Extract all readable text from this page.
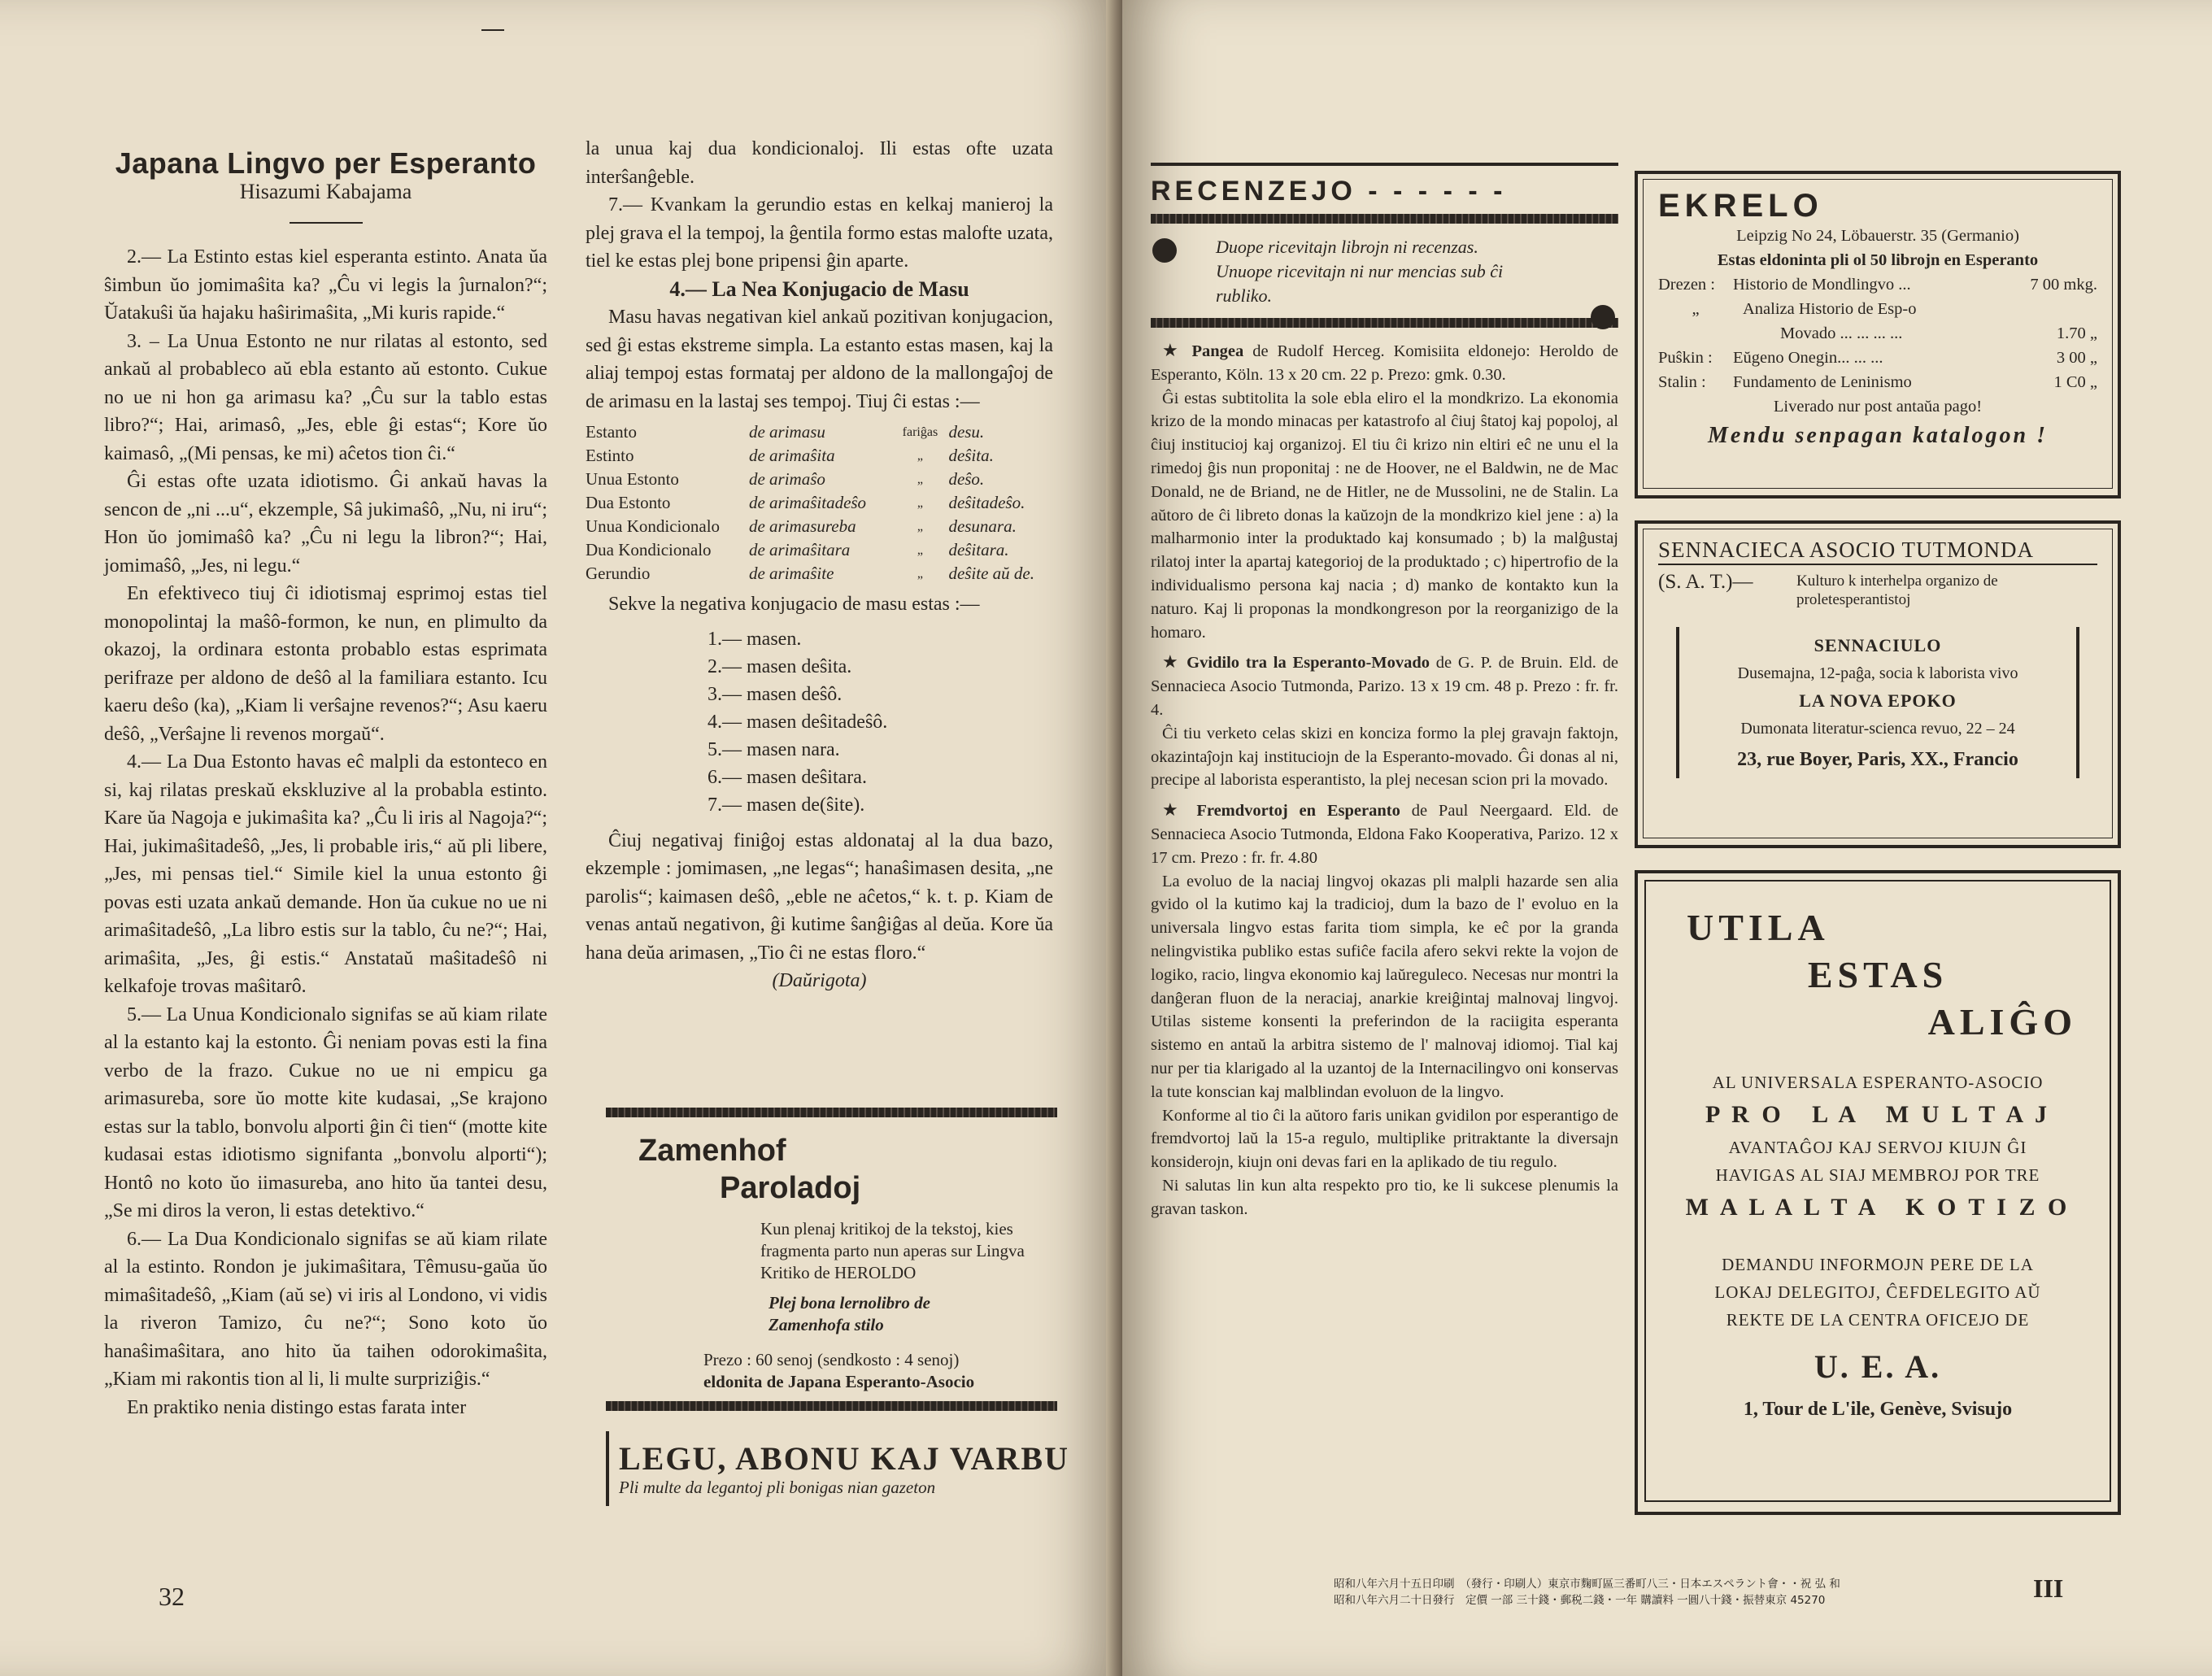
Japana Lingvo per Esperanto

Hisazumi Kabajama

2.— La Estinto estas kiel esperanta estinto. Anata ŭa ŝimbun ŭo jomimaŝita ka? „Ĉu vi legis la ĵurnalon?“; Ŭatakuŝi ŭa hajaku haŝirimaŝita, „Mi kuris rapide.“

3. – La Unua Estonto ne nur rilatas al estonto, sed ankaŭ al probableco aŭ ebla estanto aŭ estonto. Cukue no ue ni hon ga arimasu ka? „Ĉu sur la tablo estas libro?“; Hai, arimasô, „Jes, eble ĝi estas“; Kore ŭo kaimasô, „(Mi pensas, ke mi) aĉetos tion ĉi.“

Ĝi estas ofte uzata idiotismo. Ĝi ankaŭ havas la sencon de „ni ...u“, ekzemple, Sâ jukimaŝô, „Nu, ni iru“; Hon ŭo jomimaŝô ka? „Ĉu ni legu la libron?“; Hai, jomimaŝô, „Jes, ni legu.“

En efektiveco tiuj ĉi idiotismaj esprimoj estas tiel monopolintaj la maŝô-formon, ke nun, en plimulto da okazoj, la ordinara estonta probablo estas esprimata perifraze per aldono de deŝô al la familiara estanto. Icu kaeru deŝo (ka), „Kiam li verŝajne revenos?“; Asu kaeru deŝô, „Verŝajne li revenos morgaŭ“.

4.— La Dua Estonto havas eĉ malpli da estonteco en si, kaj rilatas preskaŭ ekskluzive al la probabla estinto. Kare ŭa Nagoja e jukimaŝita ka? „Ĉu li iris al Nagoja?“; Hai, jukimaŝitadeŝô, „Jes, li probable iris,“ aŭ pli libere, „Jes, mi pensas tiel.“ Simile kiel la unua estonto ĝi povas esti uzata ankaŭ demande. Hon ŭa cukue no ue ni arimaŝitadeŝô, „La libro estis sur la tablo, ĉu ne?“; Hai, arimaŝita, „Jes, ĝi estis.“ Anstataŭ maŝitadeŝô ni kelkafoje trovas maŝitarô.

5.— La Unua Kondicionalo signifas se aŭ kiam rilate al la estanto kaj la estonto. Ĝi neniam povas esti la fina verbo de la frazo. Cukue no ue ni empicu ga arimasureba, sore ŭo motte kite kudasai, „Se krajono estas sur la tablo, bonvolu alporti ĝin ĉi tien“ (motte kite kudasai estas idiotismo signifanta „bonvolu alporti“); Hontô no koto ŭo iimasureba, ano hito ŭa tantei desu, „Se mi diros la veron, li estas detektivo.“

6.— La Dua Kondicionalo signifas se aŭ kiam rilate al la estinto. Rondon je jukimaŝitara, Têmusu-gaŭa ŭo mimaŝitadeŝô, „Kiam (aŭ se) vi iris al Londono, vi vidis la riveron Tamizo, ĉu ne?“; Sono koto ŭo hanaŝimaŝitara, ano hito ŭa taihen odorokimaŝita, „Kiam mi rakontis tion al li, li multe surpriziĝis.“

En praktiko nenia distingo estas farata inter

la unua kaj dua kondicionaloj. Ili estas ofte uzata interŝanĝeble.

7.— Kvankam la gerundio estas en kelkaj manieroj la plej grava el la tempoj, la ĝentila formo estas malofte uzata, tiel ke estas plej bone pripensi ĝin aparte.

4.— La Nea Konjugacio de Masu

Masu havas negativan kiel ankaŭ pozitivan konjugacion, sed ĝi estas ekstreme simpla. La estanto estas masen, kaj la aliaj tempoj estas formataj per aldono de la mallongaĵoj de de arimasu en la lastaj ses tempoj. Tiuj ĉi estas :—

Estanto	de arimasu	fariĝas	desu.
Estinto	de arimaŝita	„	deŝita.
Unua Estonto	de arimaŝo	„	deŝo.
Dua Estonto	de arimaŝitadeŝo	„	deŝitadeŝo.
Unua Kondicionalo	de arimasureba	„	desunara.
Dua Kondicionalo	de arimaŝitara	„	deŝitara.
Gerundio	de arimaŝite	„	deŝite aŭ de.

Sekve la negativa konjugacio de masu estas :—

1.— masen.
2.— masen deŝita.
3.— masen deŝô.
4.— masen deŝitadeŝô.
5.— masen nara.
6.— masen deŝitara.
7.— masen de(ŝite).

Ĉiuj negativaj finiĝoj estas aldonataj al la dua bazo, ekzemple : jomimasen, „ne legas“; hanaŝimasen desita, „ne parolis“; kaimasen deŝô, „eble ne aĉetos,“ k. t. p. Kiam de venas antaŭ negativon, ĝi kutime ŝanĝiĝas al deŭa. Kore ŭa hana deŭa arimasen, „Tio ĉi ne estas floro.“

(Daŭrigota)

Zamenhof
Paroladoj
Kun plenaj kritikoj de la tekstoj, kies fragmenta parto nun aperas sur Lingva Kritiko de HEROLDO
Plej bona lernolibro de
Zamenhofa stilo
Prezo : 60 senoj (sendkosto : 4 senoj)
eldonita de Japana Esperanto-Asocio
LEGU, ABONU KAJ VARBU
Pli multe da legantoj pli bonigas nian gazeton
32
RECENZEJO - - - - - -
Duope ricevitajn librojn ni recenzas.
Unuope ricevitajn ni nur mencias sub ĉi rubliko.

★ Pangea de Rudolf Herceg. Komisiita eldonejo: Heroldo de Esperanto, Köln. 13 x 20 cm. 22 p. Prezo: gmk. 0.30.

Ĝi estas subtitolita la sole ebla eliro el la mondkrizo. La ekonomia krizo de la mondo minacas per katastrofo al ĉiuj ŝtatoj kaj popoloj, al ĉiuj institucioj kaj organizoj. El tiu ĉi krizo nin eltiri eĉ ne unu el la rimedoj ĝis nun proponitaj : ne de Hoover, ne el Baldwin, ne de Mac Donald, ne de Briand, ne de Hitler, ne de Mussolini, ne de Stalin. La aŭtoro de ĉi libreto donas la kaŭzojn de la mondkrizo kiel jene : a) la malharmonio inter la produktado kaj konsumado ; b) la malĝustaj rilatoj inter la apartaj kategorioj de la produktado ; c) hipertrofio de la individualismo persona kaj nacia ; d) manko de kontakto kun la naturo. Kaj li proponas la mondkongreson por la reorganizigo de la homaro.

★ Gvidilo tra la Esperanto-Movado de G. P. de Bruin. Eld. de Sennacieca Asocio Tutmonda, Parizo. 13 x 19 cm. 48 p. Prezo : fr. fr. 4.

Ĉi tiu verketo celas skizi en konciza formo la plej gravajn faktojn, okazintaĵojn kaj instituciojn de la Esperanto-movado. Ĝi donas al ni, precipe al laborista esperantisto, la plej necesan scion pri la movado.

★ Fremdvortoj en Esperanto de Paul Neergaard. Eld. de Sennacieca Asocio Tutmonda, Eldona Fako Kooperativa, Parizo. 12 x 17 cm. Prezo : fr. fr. 4.80

La evoluo de la naciaj lingvoj okazas pli malpli hazarde sen alia gvido ol la kutimo kaj la tradicioj, dum la bazo de l' evoluo en la universala lingvo estas farita tiom simpla, ke eĉ por la granda nelingvistika publiko estas sufiĉe facila afero sekvi rekte la vojon de logiko, racio, lingva ekonomio kaj laŭreguleco. Necesas nur montri la danĝeran fluon de la neraciaj, anarkie kreiĝintaj malnovaj lingvoj. Utilas sisteme konsenti la preferindon de la raciigita esperanta sistemo en antaŭ la arbitra sistemo de l' malnovaj idiomoj. Tial kaj nur per tia klarigado al la uzantoj de la Internacilingvo oni konservas la tute konscian kaj malblindan evoluon de la lingvo.

Konforme al tio ĉi la aŭtoro faris unikan gvidilon por esperantigo de fremdvortoj laŭ la 15-a regulo, multiplike pritraktante la diversajn konsiderojn, kiujn oni devas fari en la aplikado de tiu regulo.

Ni salutas lin kun alta respekto pro tio, ke li sukcese plenumis la gravan taskon.

EKRELO
Leipzig No 24, Löbauerstr. 35 (Germanio)
Estas eldoninta pli ol 50 librojn en Esperanto
Drezen :	Historio de Mondlingvo ...	7 00 mkg.
„	Analiza Historio de Esp-o
Movado ... ... ... ...	1.70 „
Puŝkin :	Eŭgeno Onegin... ... ...	3 00 „
Stalin :	Fundamento de Leninismo	1 C0 „
Liverado nur post antaŭa pago!
Mendu senpagan katalogon !
SENNACIECA ASOCIO TUTMONDA
(S. A. T.)—	Kulturo k interhelpa organizo de proletesperantistoj
SENNACIULO
Dusemajna, 12-paĝa, socia k laborista vivo
LA NOVA EPOKO
Dumonata literatur-scienca revuo, 22 – 24
23, rue Boyer, Paris, XX., Francio
UTILA
ESTAS
ALIĜO
AL UNIVERSALA ESPERANTO-ASOCIO
P R O   L A   M U L T A J
AVANTAĜOJ KAJ SERVOJ KIUJN ĜI
HAVIGAS AL SIAJ MEMBROJ POR TRE
M A L A L T A   K O T I Z O
DEMANDU INFORMOJN PERE DE LA
LOKAJ DELEGITOJ, ĈEFDELEGITO AŬ
REKTE DE LA CENTRA OFICEJO DE
U. E. A.
1, Tour de L'ile, Genève, Svisujo
昭和八年六月十五日印刷　（發行・印刷人）東京市麴町區三番町八三・日本エスペラント會・・祝 弘 和
昭和八年六月二十日發行　定價 一部 三十錢・郵税二錢・一年 購讀料 一圓八十錢・振替東京 45270	III
